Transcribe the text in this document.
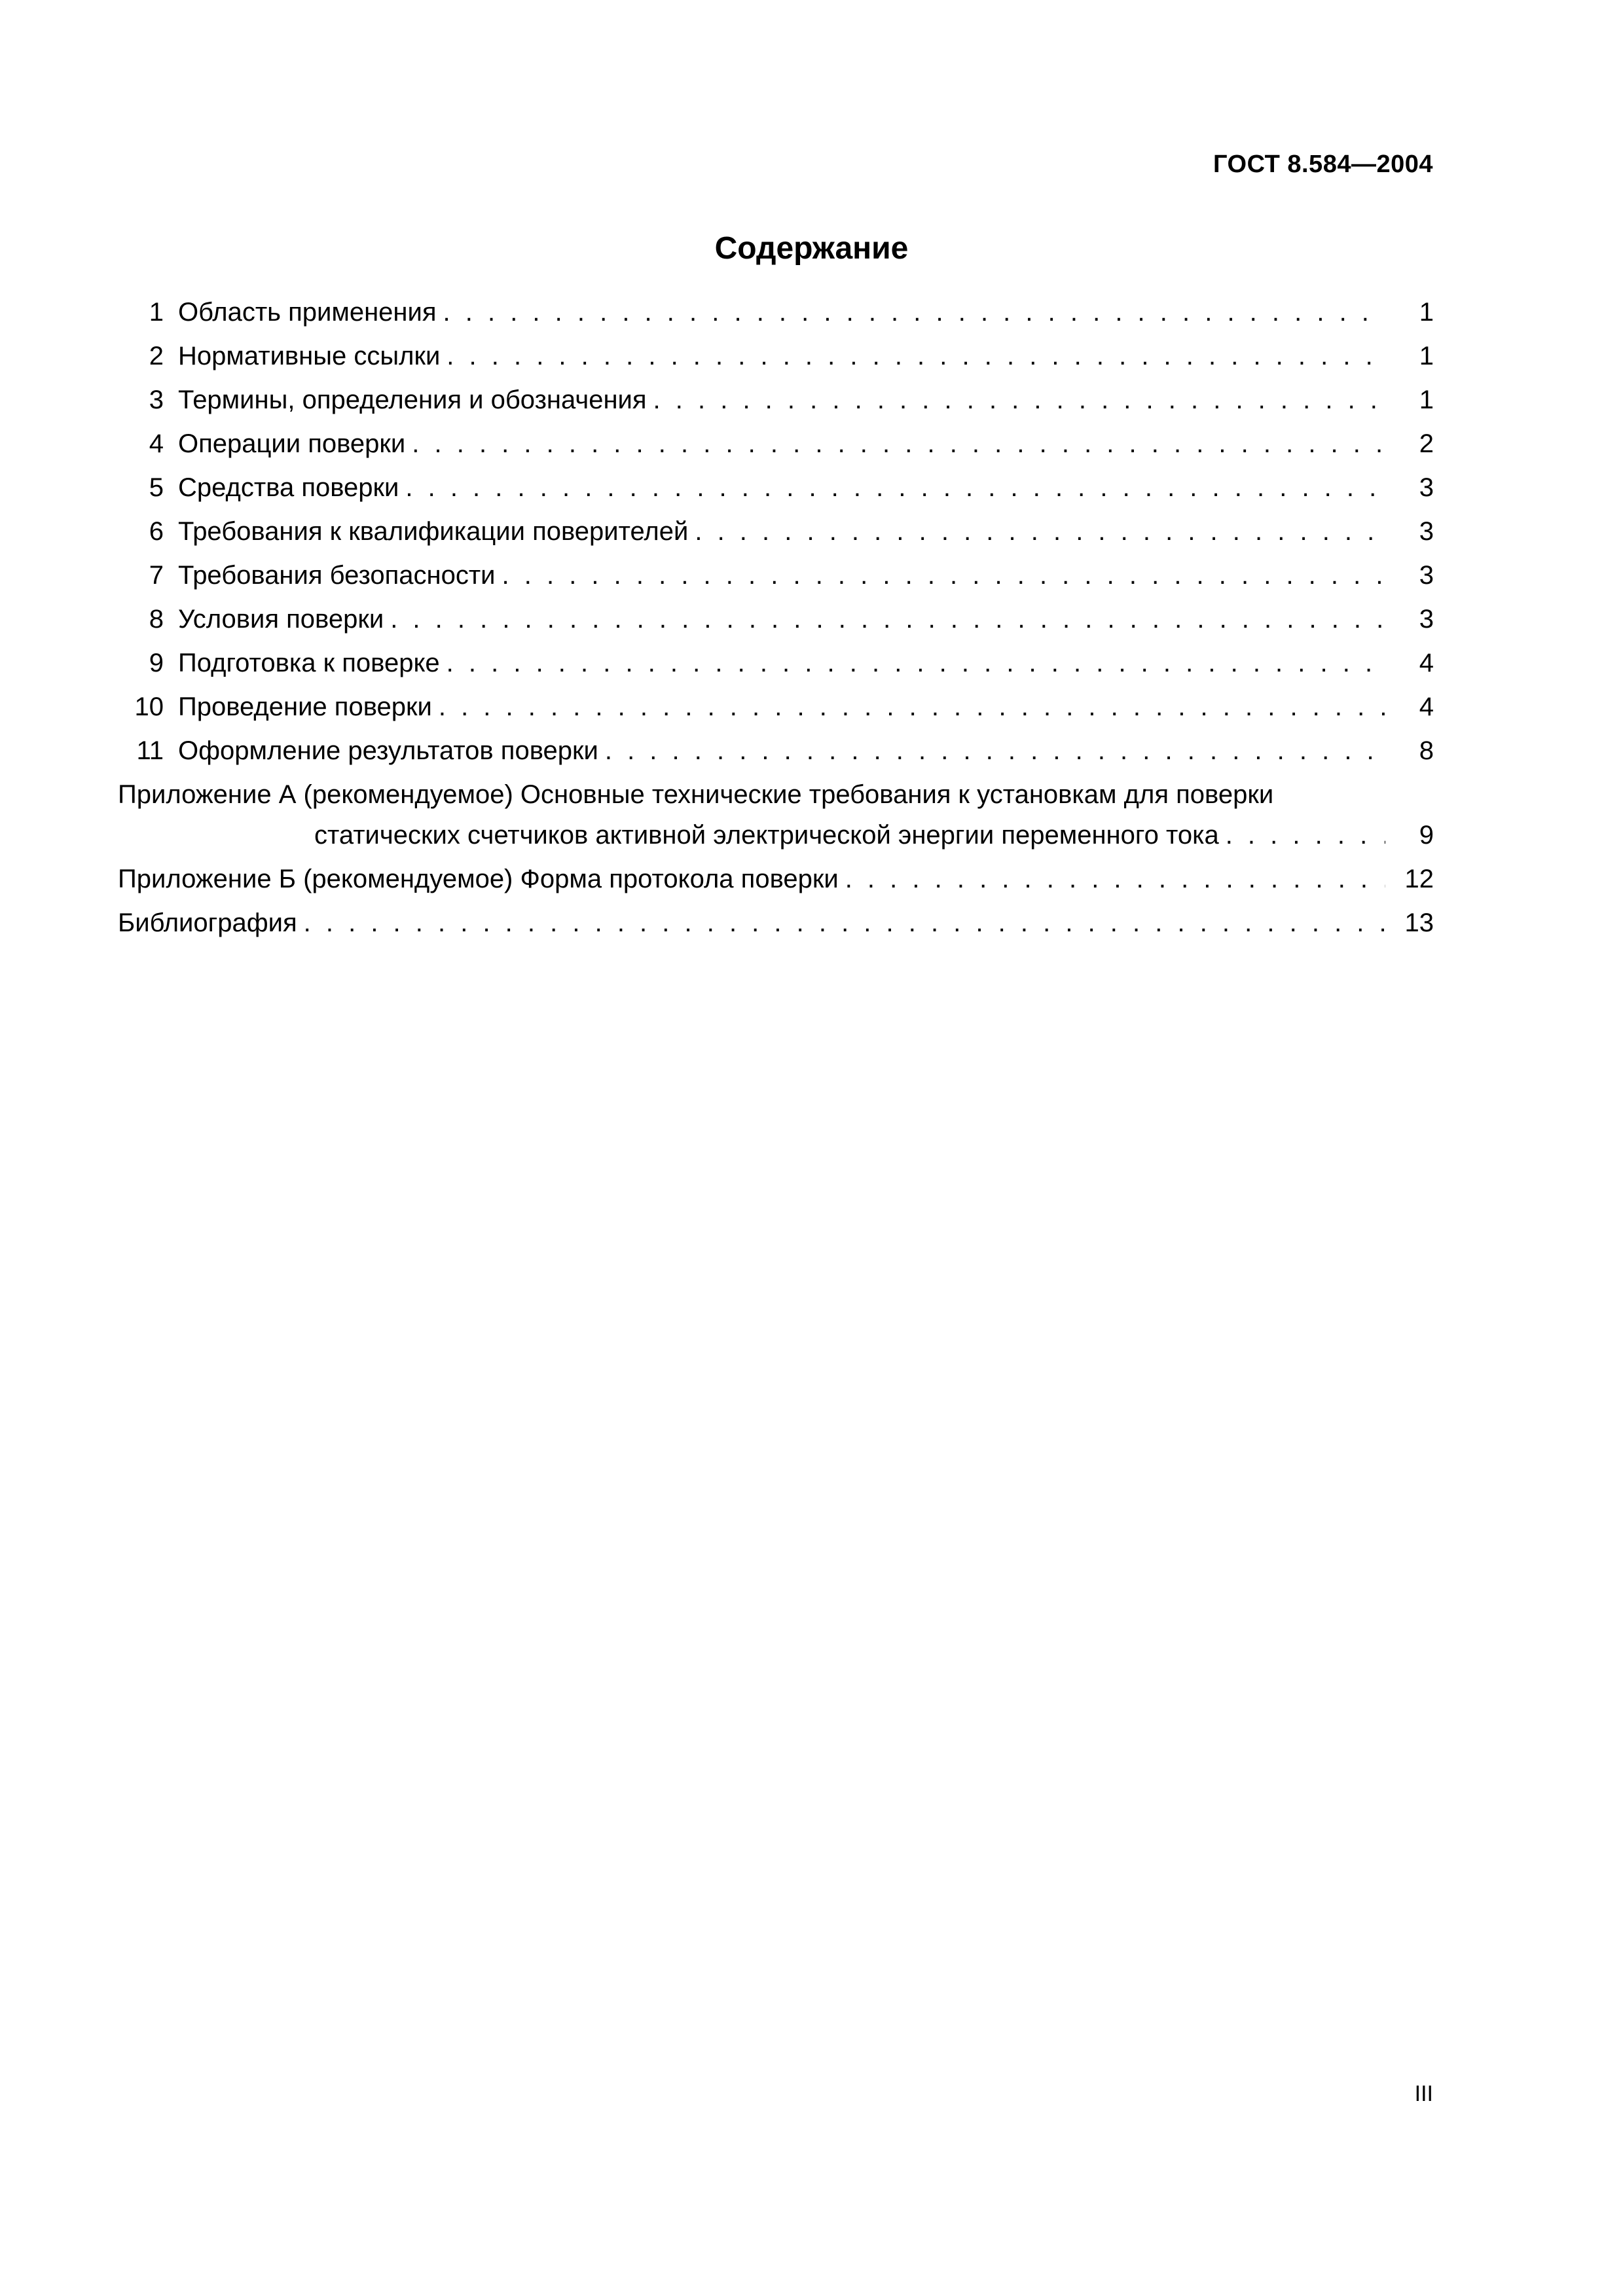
ГОСТ 8.584—2004
Содержание
1 Область применения . . .	1
2 Нормативные ссылки . . .	1
3 Термины, определения и обозначения . . .	1
4 Операции поверки . . .	2
5 Средства поверки . . .	3
6 Требования к квалификации поверителей . . .	3
7 Требования безопасности . . .	3
8 Условия поверки . . .	3
9 Подготовка к поверке . . .	4
10 Проведение поверки . . .	4
11 Оформление результатов поверки . . .	8
Приложение А (рекомендуемое) Основные технические требования к установкам для поверки
статических счетчиков активной электрической энергии переменного тока . . .	9
Приложение Б (рекомендуемое) Форма протокола поверки . . .	12
Библиография . . .	13
III
